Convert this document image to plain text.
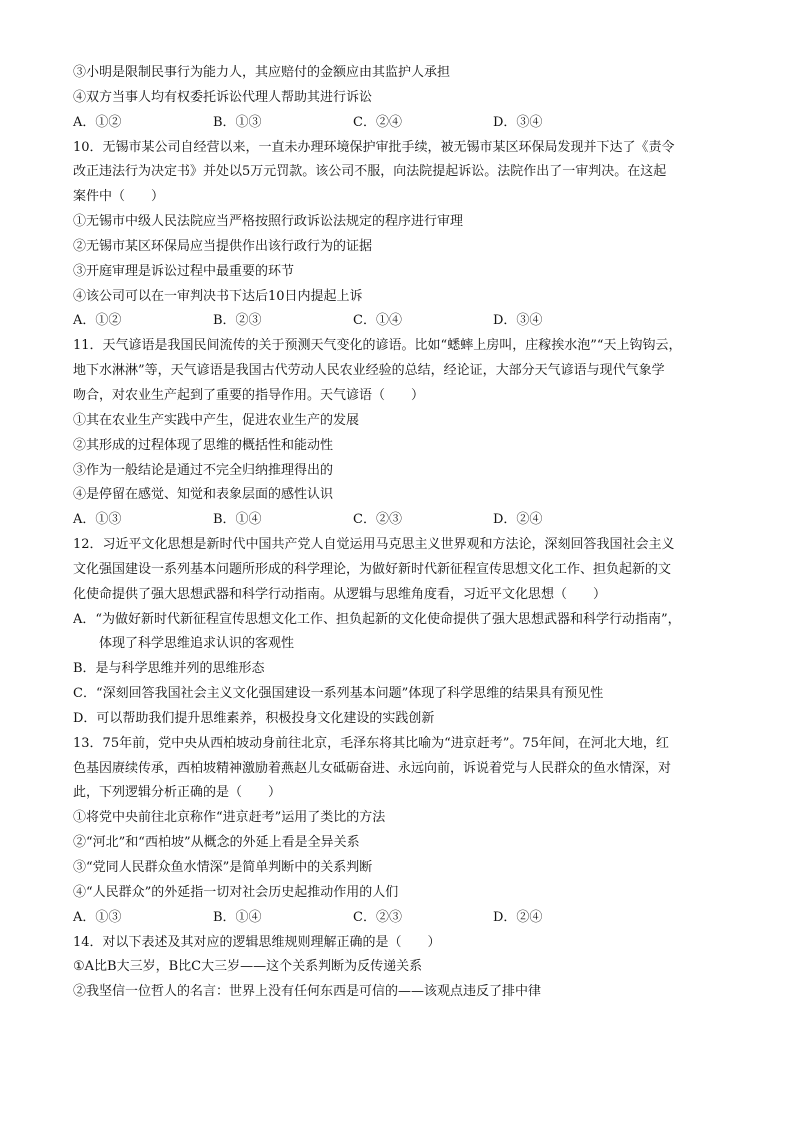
③小明是限制民事行为能力人，其应赔付的金额应由其监护人承担
④双方当事人均有权委托诉讼代理人帮助其进行诉讼
A．①②	B．①③	C．②④	D．③④
10．无锡市某公司自经营以来，一直未办理环境保护审批手续，被无锡市某区环保局发现并下达了《责令
改正违法行为决定书》并处以5万元罚款。该公司不服，向法院提起诉讼。法院作出了一审判决。在这起
案件中（　　）
①无锡市中级人民法院应当严格按照行政诉讼法规定的程序进行审理
②无锡市某区环保局应当提供作出该行政行为的证据
③开庭审理是诉讼过程中最重要的环节
④该公司可以在一审判决书下达后10日内提起上诉
A．①②	B．②③	C．①④	D．③④
11．天气谚语是我国民间流传的关于预测天气变化的谚语。比如“蟋蟀上房叫，庄稼挨水泡”“天上钩钩云，
地下水淋淋”等，天气谚语是我国古代劳动人民农业经验的总结，经论证，大部分天气谚语与现代气象学
吻合，对农业生产起到了重要的指导作用。天气谚语（　　）
①其在农业生产实践中产生，促进农业生产的发展
②其形成的过程体现了思维的概括性和能动性
③作为一般结论是通过不完全归纳推理得出的
④是停留在感觉、知觉和表象层面的感性认识
A．①③	B．①④	C．②③	D．②④
12．习近平文化思想是新时代中国共产党人自觉运用马克思主义世界观和方法论，深刻回答我国社会主义
文化强国建设一系列基本问题所形成的科学理论，为做好新时代新征程宣传思想文化工作、担负起新的文
化使命提供了强大思想武器和科学行动指南。从逻辑与思维角度看，习近平文化思想（　　）
A．“为做好新时代新征程宣传思想文化工作、担负起新的文化使命提供了强大思想武器和科学行动指南”，
　　体现了科学思维追求认识的客观性
B．是与科学思维并列的思维形态
C．“深刻回答我国社会主义文化强国建设一系列基本问题”体现了科学思维的结果具有预见性
D．可以帮助我们提升思维素养，积极投身文化建设的实践创新
13．75年前，党中央从西柏坡动身前往北京，毛泽东将其比喻为“进京赶考”。75年间，在河北大地，红
色基因赓续传承，西柏坡精神激励着燕赵儿女砥砺奋进、永远向前，诉说着党与人民群众的鱼水情深，对
此，下列逻辑分析正确的是（　　）
①将党中央前往北京称作“进京赶考”运用了类比的方法
②“河北”和“西柏坡”从概念的外延上看是全异关系
③“党同人民群众鱼水情深”是简单判断中的关系判断
④“人民群众”的外延指一切对社会历史起推动作用的人们
A．①③	B．①④	C．②③	D．②④
14．对以下表述及其对应的逻辑思维规则理解正确的是（　　）
①A比B大三岁，B比C大三岁——这个关系判断为反传递关系
②我坚信一位哲人的名言：世界上没有任何东西是可信的——该观点违反了排中律
